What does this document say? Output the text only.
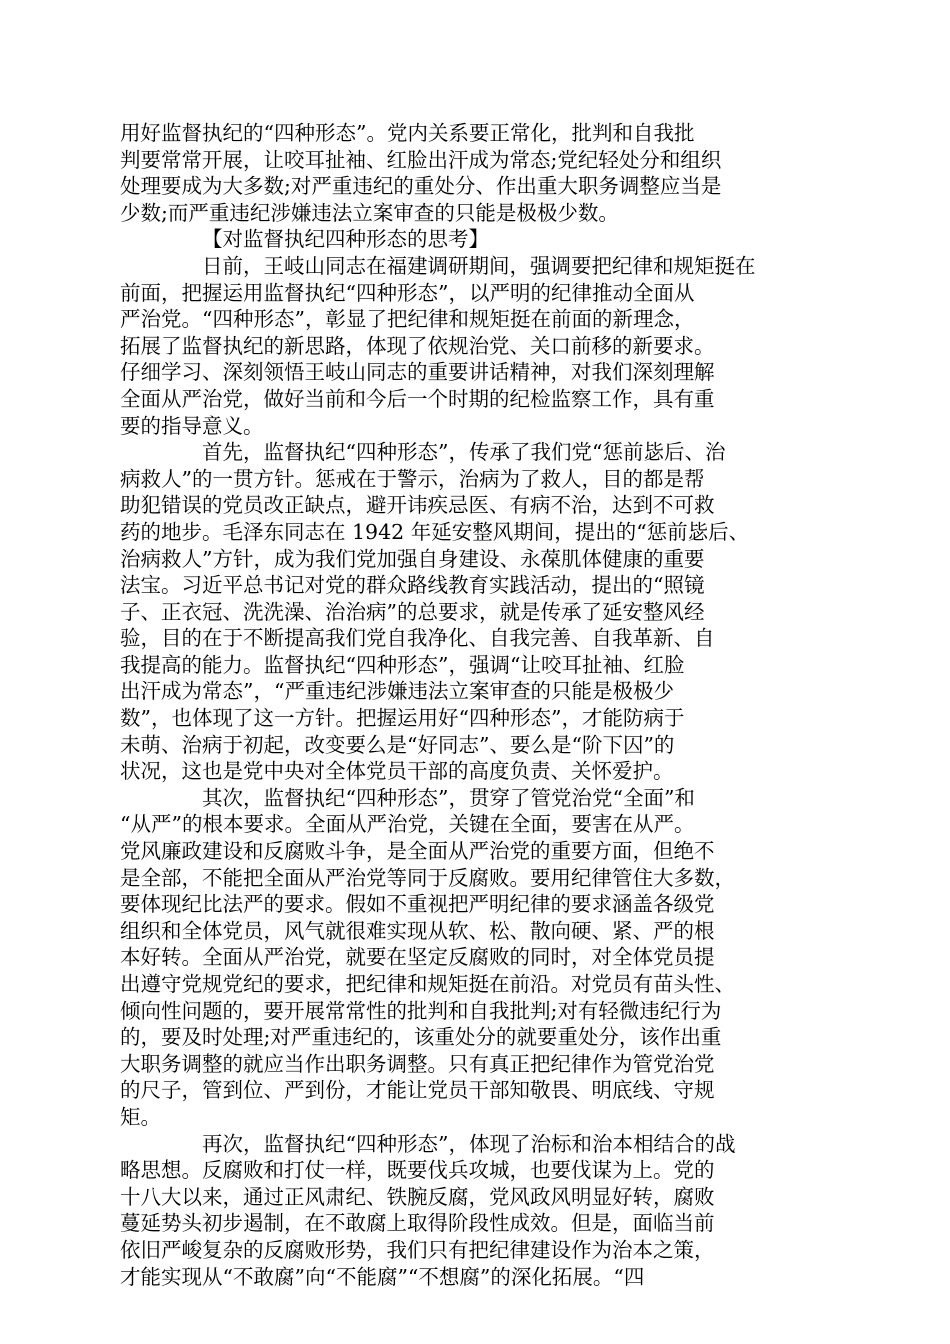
用好监督执纪的“四种形态”。党内关系要正常化，批判和自我批
判要常常开展，让咬耳扯袖、红脸出汗成为常态;党纪轻处分和组织
处理要成为大多数;对严重违纪的重处分、作出重大职务调整应当是
少数;而严重违纪涉嫌违法立案审查的只能是极极少数。
【对监督执纪四种形态的思考】
日前，王岐山同志在福建调研期间，强调要把纪律和规矩挺在
前面，把握运用监督执纪“四种形态”，以严明的纪律推动全面从
严治党。“四种形态”，彰显了把纪律和规矩挺在前面的新理念，
拓展了监督执纪的新思路，体现了依规治党、关口前移的新要求。
仔细学习、深刻领悟王岐山同志的重要讲话精神，对我们深刻理解
全面从严治党，做好当前和今后一个时期的纪检监察工作，具有重
要的指导意义。
首先，监督执纪“四种形态”，传承了我们党“惩前毖后、治
病救人”的一贯方针。惩戒在于警示，治病为了救人，目的都是帮
助犯错误的党员改正缺点，避开讳疾忌医、有病不治，达到不可救
药的地步。毛泽东同志在 1942 年延安整风期间，提出的“惩前毖后、
治病救人”方针，成为我们党加强自身建设、永葆肌体健康的重要
法宝。习近平总书记对党的群众路线教育实践活动，提出的“照镜
子、正衣冠、洗洗澡、治治病”的总要求，就是传承了延安整风经
验，目的在于不断提高我们党自我净化、自我完善、自我革新、自
我提高的能力。监督执纪“四种形态”，强调“让咬耳扯袖、红脸
出汗成为常态”，“严重违纪涉嫌违法立案审查的只能是极极少
数”，也体现了这一方针。把握运用好“四种形态”，才能防病于
未萌、治病于初起，改变要么是“好同志”、要么是“阶下囚”的
状况，这也是党中央对全体党员干部的高度负责、关怀爱护。
其次，监督执纪“四种形态”，贯穿了管党治党“全面”和
“从严”的根本要求。全面从严治党，关键在全面，要害在从严。
党风廉政建设和反腐败斗争，是全面从严治党的重要方面，但绝不
是全部，不能把全面从严治党等同于反腐败。要用纪律管住大多数，
要体现纪比法严的要求。假如不重视把严明纪律的要求涵盖各级党
组织和全体党员，风气就很难实现从软、松、散向硬、紧、严的根
本好转。全面从严治党，就要在坚定反腐败的同时，对全体党员提
出遵守党规党纪的要求，把纪律和规矩挺在前沿。对党员有苗头性、
倾向性问题的，要开展常常性的批判和自我批判;对有轻微违纪行为
的，要及时处理;对严重违纪的，该重处分的就要重处分，该作出重
大职务调整的就应当作出职务调整。只有真正把纪律作为管党治党
的尺子，管到位、严到份，才能让党员干部知敬畏、明底线、守规
矩。
再次，监督执纪“四种形态”，体现了治标和治本相结合的战
略思想。反腐败和打仗一样，既要伐兵攻城，也要伐谋为上。党的
十八大以来，通过正风肃纪、铁腕反腐，党风政风明显好转，腐败
蔓延势头初步遏制，在不敢腐上取得阶段性成效。但是，面临当前
依旧严峻复杂的反腐败形势，我们只有把纪律建设作为治本之策，
才能实现从“不敢腐”向“不能腐”“不想腐”的深化拓展。“四
